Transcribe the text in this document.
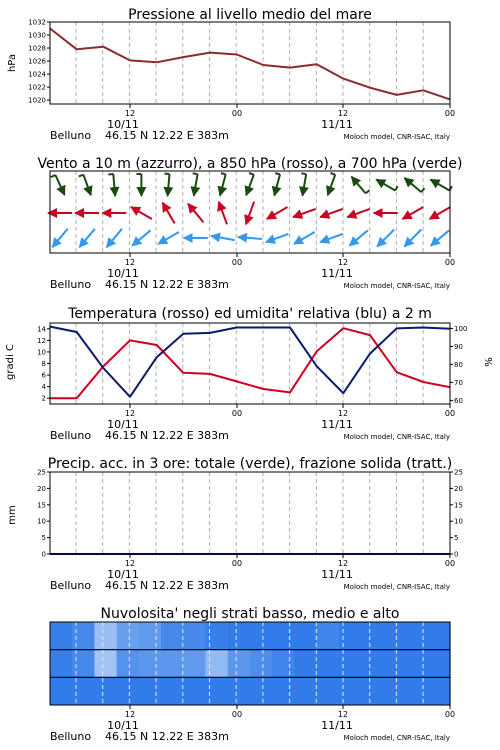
Pressione al livello medio del mare
hPa
1020
1022
1024
1026
1028
1030
1032
12	00	12	00
10/11	11/11
Belluno 46.15 N 12.22 E 383m	Moloch model, CNR-ISAC, Italy
Vento a 10 m (azzurro), a 850 hPa (rosso), a 700 hPa (verde)
12	00	12	00
10/11	11/11
Belluno 46.15 N 12.22 E 383m	Moloch model, CNR-ISAC, Italy
Temperatura (rosso) ed umidita' relativa (blu) a 2 m
gradi C	%
2
4
6
8
10
12
14
60
70
80
90
100
12	00	12	00
10/11	11/11
Belluno 46.15 N 12.22 E 383m	Moloch model, CNR-ISAC, Italy
Precip. acc. in 3 ore: totale (verde), frazione solida (tratt.)
mm
0
5
10
15
20
25
0
5
10
15
20
25
12	00	12	00
10/11	11/11
Belluno 46.15 N 12.22 E 383m	Moloch model, CNR-ISAC, Italy
Nuvolosita' negli strati basso, medio e alto
12	00	12	00
10/11	11/11
Belluno 46.15 N 12.22 E 383m	Moloch model, CNR-ISAC, Italy
